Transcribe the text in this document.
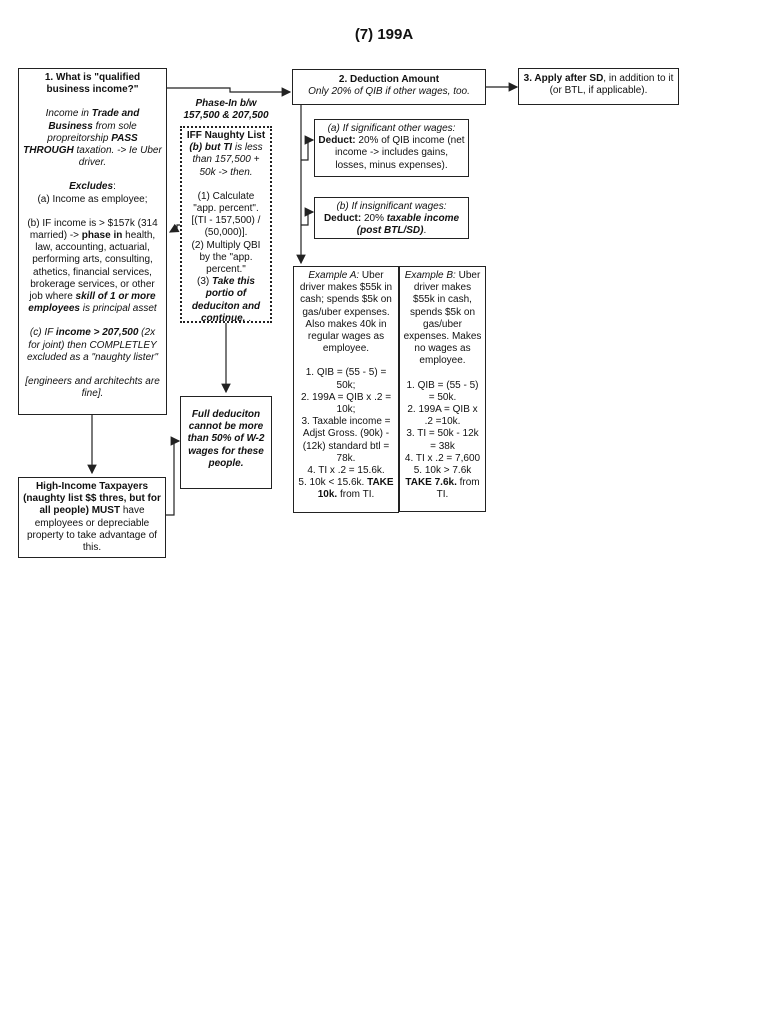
(7) 199A

1. What is "qualified business income?"

Income in Trade and Business from sole propreitorship PASS THROUGH taxation. -> Ie Uber driver.

Excludes:

(a) Income as employee;

(b) IF income is > $157k (314 married) -> phase in health, law, accounting, actuarial, performing arts, consulting, athetics, financial services, brokerage services, or other job where skill of 1 or more employees is principal asset

(c) IF income > 207,500 (2x for joint) then COMPLETLEY excluded as a "naughty lister"

[engineers and architechts are fine].

Phase-In b/w 157,500 & 207,500

IFF Naughty List

(b) but TI is less than 157,500 + 50k -> then.

(1) Calculate "app. percent". [(TI - 157,500) / (50,000)].

(2) Multiply QBI by the "app. percent."

(3) Take this portio of deduciton and continue. .

Full deduciton cannot be more than 50% of W-2 wages for these people.

High-Income Taxpayers (naughty list $$ thres, but for all people) MUST have employees or depreciable property to take advantage of this.

2. Deduction Amount

Only 20% of QIB if other wages, too.

3. Apply after SD, in addition to it (or BTL, if applicable).

(a) If significant other wages:

Deduct: 20% of QIB income (net income -> includes gains, losses, minus expenses).

(b) If insignificant wages:

Deduct: 20% taxable income (post BTL/SD).

Example A: Uber driver makes $55k in cash; spends $5k on gas/uber expenses. Also makes 40k in regular wages as employee.

1. QIB = (55 - 5) = 50k;

2. 199A = QIB x .2 = 10k;

3. Taxable income = Adjst Gross. (90k) - (12k) standard btl = 78k.

4. TI x .2 = 15.6k.

5. 10k < 15.6k. TAKE 10k. from TI.

Example B: Uber driver makes $55k in cash, spends $5k on gas/uber expenses. Makes no wages as employee.

1. QIB = (55 - 5) = 50k.

2. 199A = QIB x .2 =10k.

3. TI = 50k - 12k = 38k

4. TI x .2 = 7,600

5. 10k > 7.6k

TAKE 7.6k. from TI.
